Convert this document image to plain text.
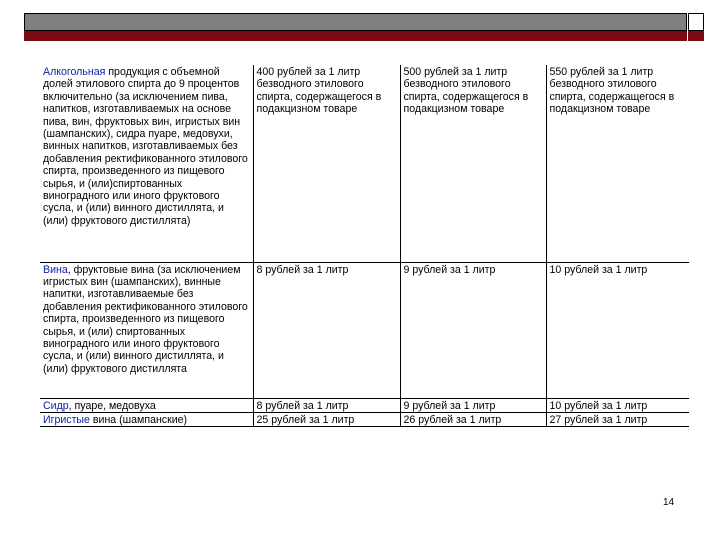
Алкогольная продукция с объемной долей этилового спирта до 9 процентов включительно (за исключением пива, напитков, изготавливаемых на основе пива, вин, фруктовых вин, игристых вин (шампанских), сидра пуаре, медовухи, винных напитков, изготавливаемых без добавления ректификованного этилового спирта, произведенного из пищевого сырья, и (или)спиртованных виноградного или иного фруктового сусла, и (или) винного дистиллята, и (или) фруктового дистиллята)	400 рублей за 1 литр безводного этилового спирта, содержащегося в подакцизном товаре	500 рублей за 1 литр безводного этилового спирта, содержащегося в подакцизном товаре	550 рублей за 1 литр безводного этилового спирта, содержащегося в подакцизном товаре
Вина, фруктовые вина (за исключением игристых вин (шампанских), винные напитки, изготавливаемые без добавления ректификованного этилового спирта, произведенного из пищевого сырья, и (или) спиртованных виноградного или иного фруктового сусла, и (или) винного дистиллята, и (или) фруктового дистиллята	8 рублей за 1 литр	9 рублей за 1 литр	10 рублей за 1 литр
Сидр, пуаре, медовуха	8 рублей за 1 литр	9 рублей за 1 литр	10 рублей за 1 литр
Игристые вина (шампанские)	25 рублей за 1 литр	26 рублей за 1 литр	27 рублей за 1 литр
14
